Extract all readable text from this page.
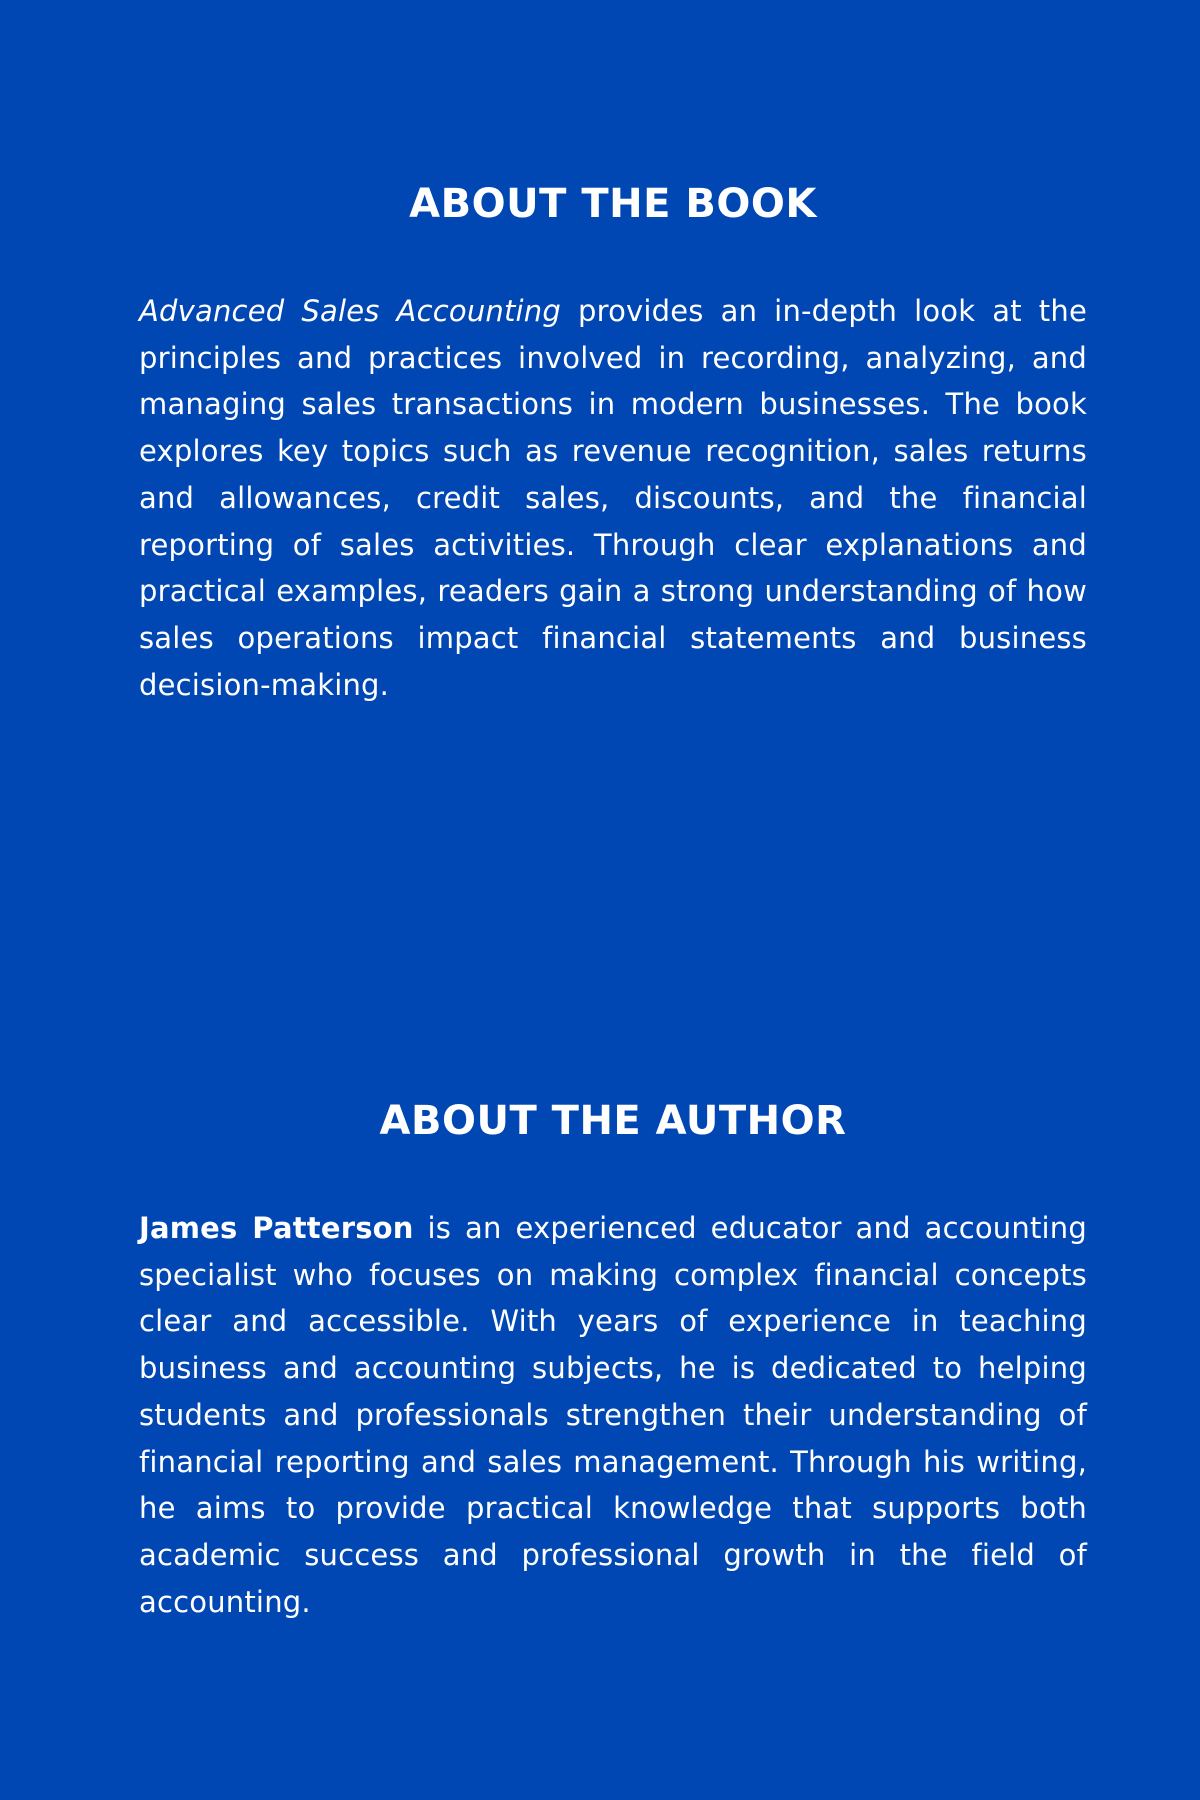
ABOUT THE BOOK

Advanced Sales Accounting provides an in-depth look at the principles and practices involved in recording, analyzing, and managing sales transactions in modern businesses. The book explores key topics such as revenue recognition, sales returns and allowances, credit sales, discounts, and the financial reporting of sales activities. Through clear explanations and practical examples, readers gain a strong understanding of how sales operations impact financial statements and business decision-making.

ABOUT THE AUTHOR

James Patterson is an experienced educator and accounting specialist who focuses on making complex financial concepts clear and accessible. With years of experience in teaching business and accounting subjects, he is dedicated to helping students and professionals strengthen their understanding of financial reporting and sales management. Through his writing, he aims to provide practical knowledge that supports both academic success and professional growth in the field of accounting.
